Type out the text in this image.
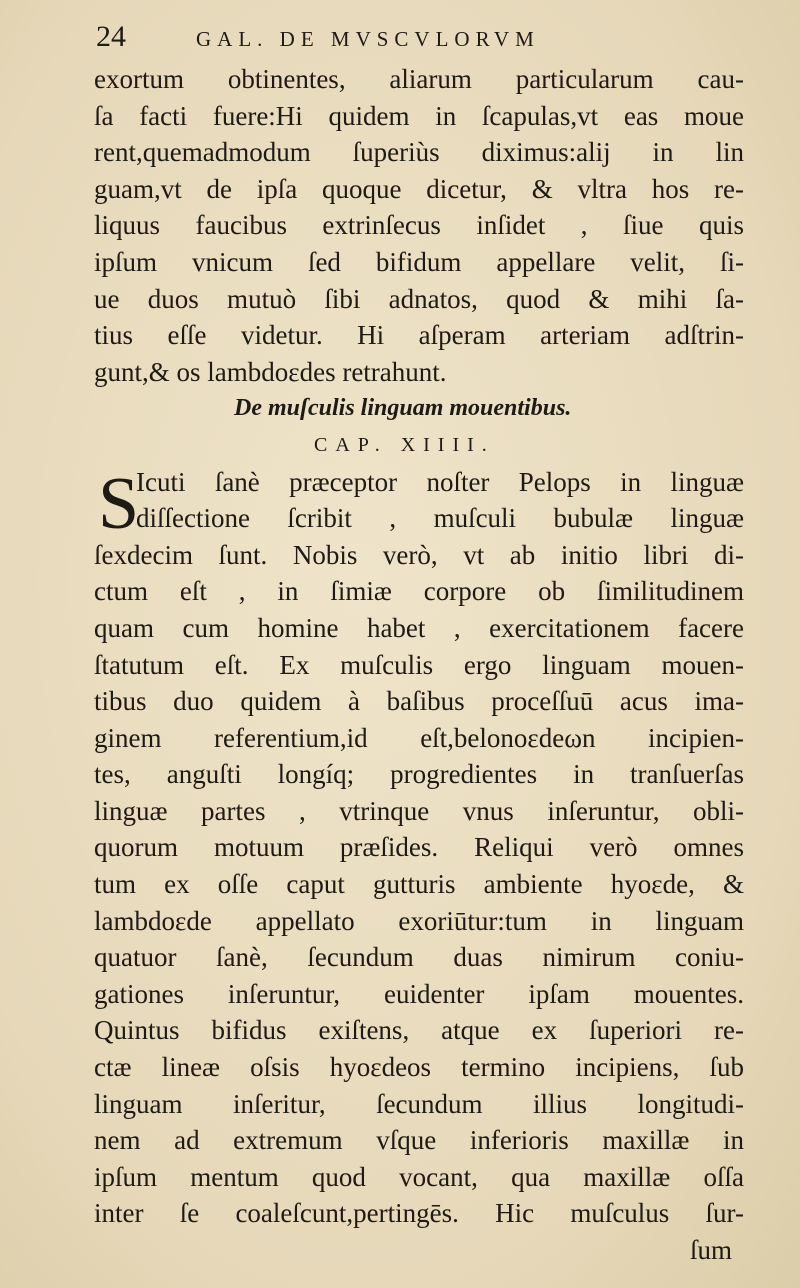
24	GAL. DE MVSCVLORVM
exortum obtinentes, aliarum particularum cau-
ſa facti fuere:Hi quidem in ſcapulas,vt eas moue
rent,quemadmodum ſuperiùs diximus:alij in lin
guam,vt de ipſa quoque dicetur, & vltra hos re-
liquus faucibus extrinſecus inſidet , ſiue quis
ipſum vnicum ſed bifidum appellare velit, ſi-
ue duos mutuò ſibi adnatos, quod & mihi ſa-
tius eſſe videtur. Hi aſperam arteriam adſtrin-
gunt,& os lambdoεdes retrahunt.
De muſculis linguam mouentibus.
CAP. XIIII.
S
Icuti ſanè præceptor noſter Pelops in linguæ
diſſectione ſcribit , muſculi bubulæ linguæ
ſexdecim ſunt. Nobis verò, vt ab initio libri di-
ctum eſt , in ſimiæ corpore ob ſimilitudinem
quam cum homine habet , exercitationem facere
ſtatutum eſt. Ex muſculis ergo linguam mouen-
tibus duo quidem à baſibus proceſſuū acus ima-
ginem referentium,id eſt,belonoεdeωn incipien-
tes, anguſti longíq; progredientes in tranſuerſas
linguæ partes , vtrinque vnus inſeruntur, obli-
quorum motuum præſides. Reliqui verò omnes
tum ex oſſe caput gutturis ambiente hyoεde, &
lambdoεde appellato exoriūtur:tum in linguam
quatuor ſanè, ſecundum duas nimirum coniu-
gationes inſeruntur, euidenter ipſam mouentes.
Quintus bifidus exiſtens, atque ex ſuperiori re-
ctæ lineæ oſsis hyoεdeos termino incipiens, ſub
linguam inſeritur, ſecundum illius longitudi-
nem ad extremum vſque inferioris maxillæ in
ipſum mentum quod vocant, qua maxillæ oſſa
inter ſe coaleſcunt,pertingēs. Hic muſculus ſur-
ſum
